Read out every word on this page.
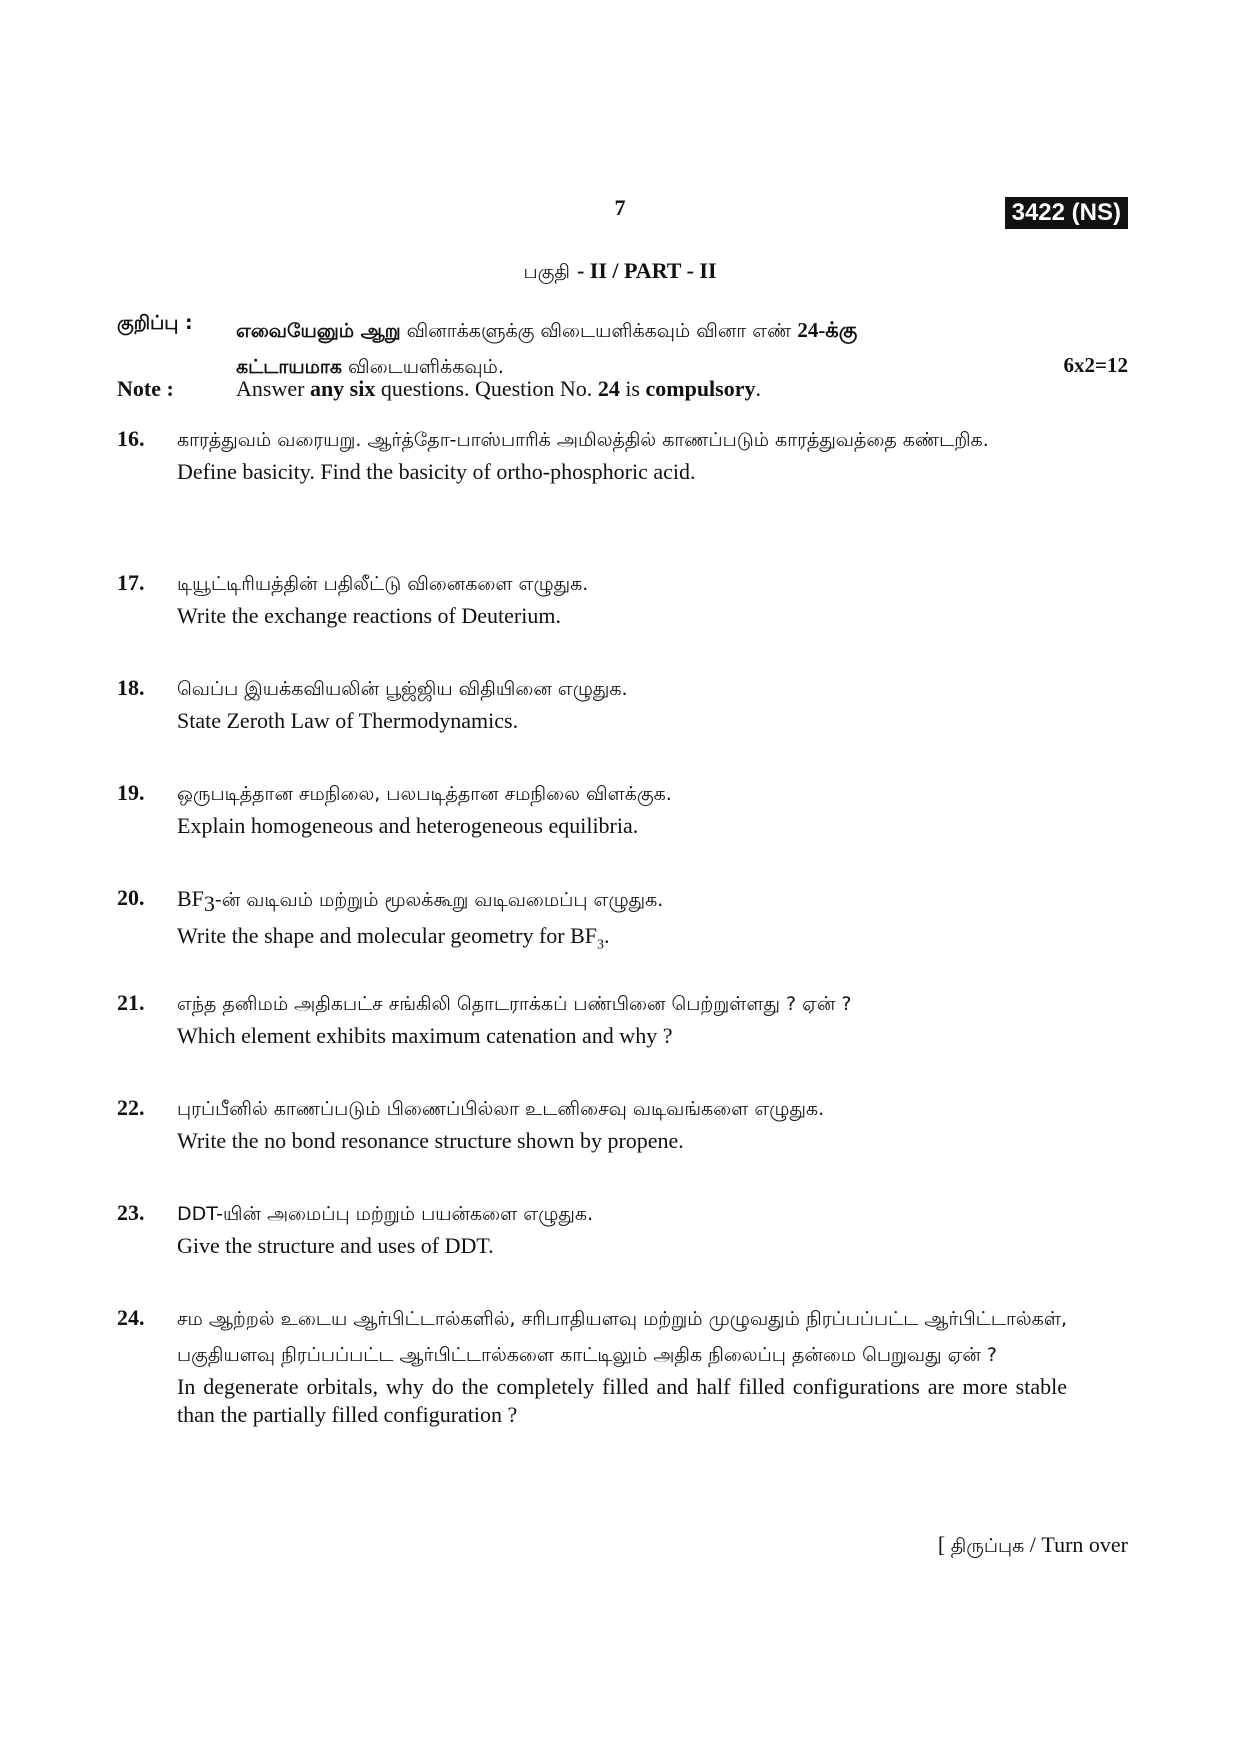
7	3422 (NS)
பகுதி - II / PART - II
குறிப்பு : எவையேனும் ஆறு வினாக்களுக்கு விடையளிக்கவும் வினா எண் 24-க்கு
கட்டாயமாக விடையளிக்கவும்.	6x2=12
Note :	Answer any six questions. Question No. 24 is compulsory.
16. காரத்துவம் வரையறு. ஆர்த்தோ-பாஸ்பாரிக் அமிலத்தில் காணப்படும் காரத்துவத்தை கண்டறிக.
Define basicity. Find the basicity of ortho-phosphoric acid.
17. டியூட்டிரியத்தின் பதிலீட்டு வினைகளை எழுதுக.
Write the exchange reactions of Deuterium.
18. வெப்ப இயக்கவியலின் பூஜ்ஜிய விதியினை எழுதுக.
State Zeroth Law of Thermodynamics.
19. ஒருபடித்தான சமநிலை, பலபடித்தான சமநிலை விளக்குக.
Explain homogeneous and heterogeneous equilibria.
20. $BF_3-ன்$ வடிவம் மற்றும் மூலக்கூறு வடிவமைப்பு எழுதுக.
Write the shape and molecular geometry for $BF_3$.
21. எந்த தனிமம் அதிகபட்ச சங்கிலி தொடராக்கப் பண்பினை பெற்றுள்ளது ? ஏன் ?
Which element exhibits maximum catenation and why ?
22. புரப்பீனில் காணப்படும் பிணைப்பில்லா உடனிசைவு வடிவங்களை எழுதுக.
Write the no bond resonance structure shown by propene.
23. DDT-யின் அமைப்பு மற்றும் பயன்களை எழுதுக.
Give the structure and uses of DDT.
24. சம ஆற்றல் உடைய ஆர்பிட்டால்களில், சரிபாதியளவு மற்றும் முழுவதும் நிரப்பப்பட்ட ஆர்பிட்டால்கள், பகுதியளவு நிரப்பப்பட்ட ஆர்பிட்டால்களை காட்டிலும் அதிக நிலைப்பு தன்மை பெறுவது ஏன் ?
In degenerate orbitals, why do the completely filled and half filled configurations are more stable than the partially filled configuration ?
[ திருப்புக / Turn over
